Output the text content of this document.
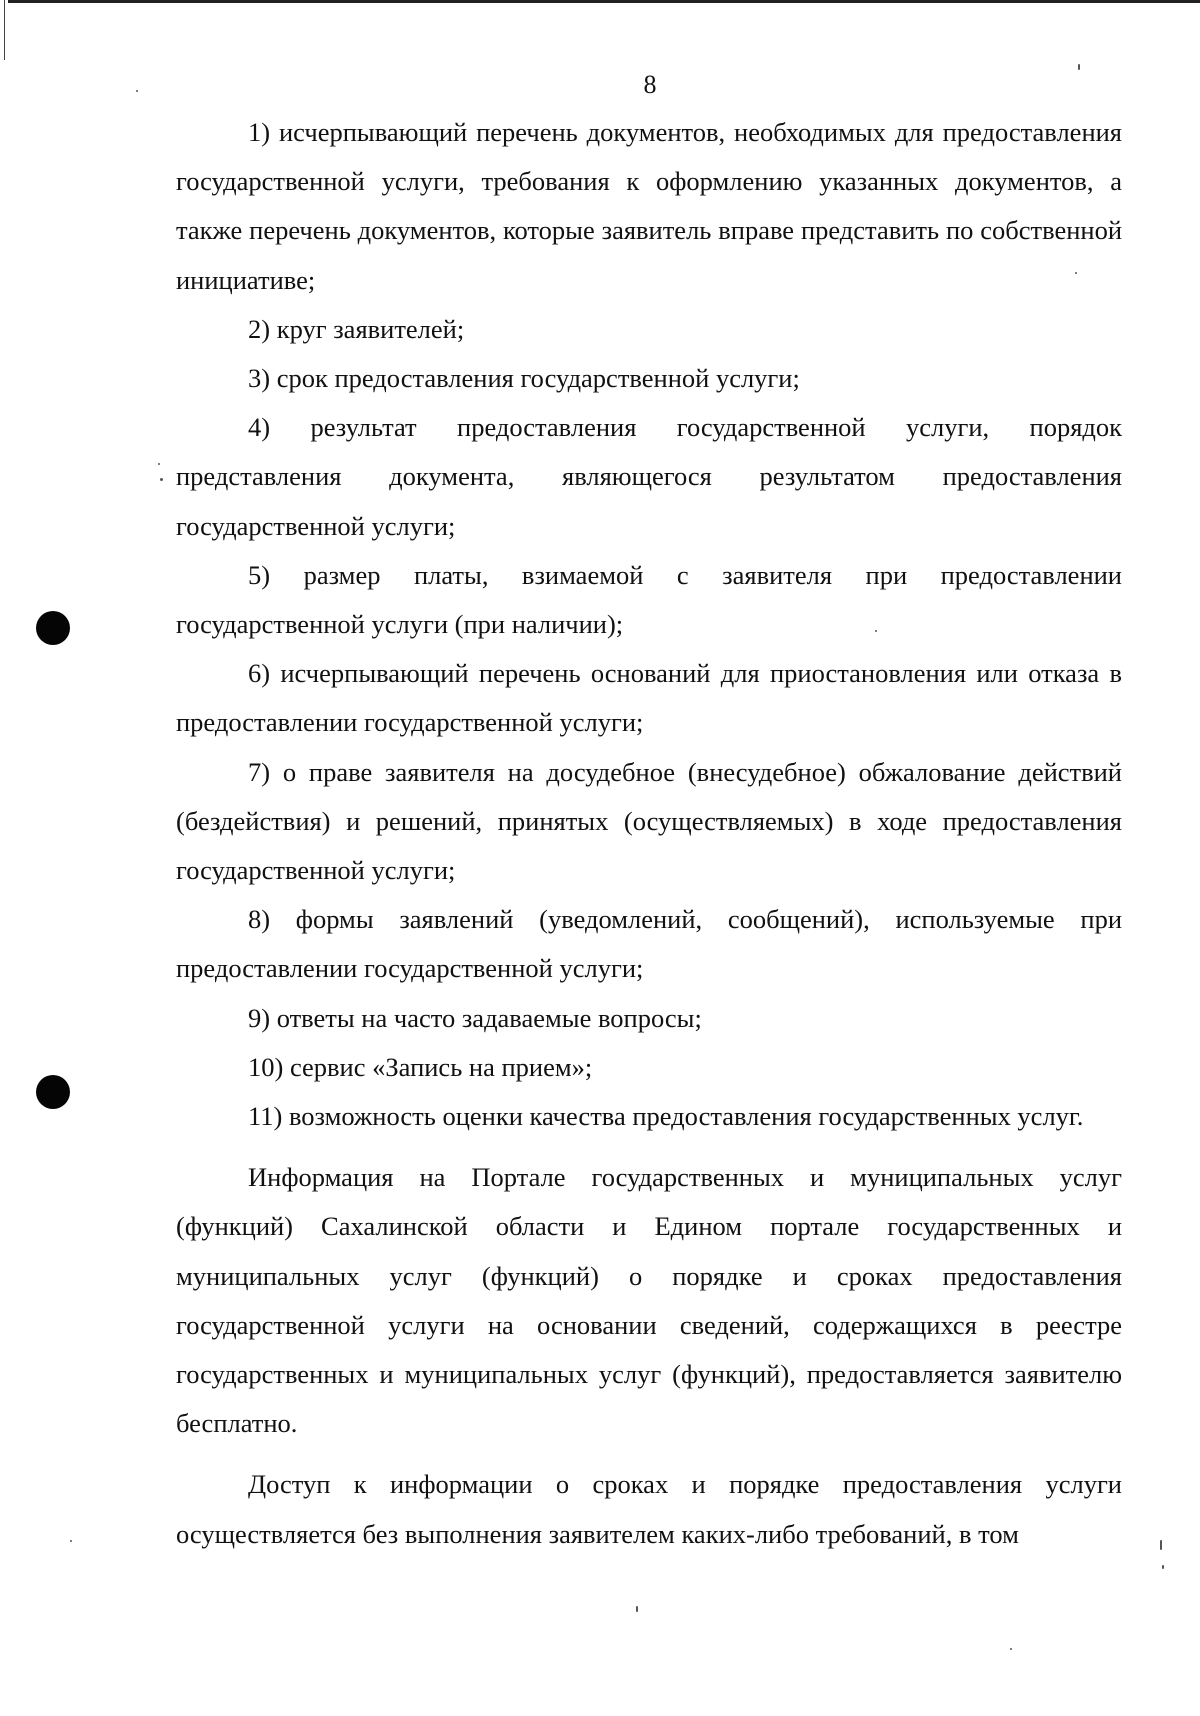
8

1) исчерпывающий перечень документов, необходимых для предоставления государственной услуги, требования к оформлению указанных документов, а также перечень документов, которые заявитель вправе представить по собственной инициативе;

2) круг заявителей;

3) срок предоставления государственной услуги;

4) результат предоставления государственной услуги, порядок представления документа, являющегося результатом предоставления государственной услуги;

5) размер платы, взимаемой с заявителя при предоставлении государственной услуги (при наличии);

6) исчерпывающий перечень оснований для приостановления или отказа в предоставлении государственной услуги;

7) о праве заявителя на досудебное (внесудебное) обжалование действий (бездействия) и решений, принятых (осуществляемых) в ходе предоставления государственной услуги;

8) формы заявлений (уведомлений, сообщений), используемые при предоставлении государственной услуги;

9) ответы на часто задаваемые вопросы;

10) сервис «Запись на прием»;

11) возможность оценки качества предоставления государственных услуг.

Информация на Портале государственных и муниципальных услуг (функций) Сахалинской области и Едином портале государственных и муниципальных услуг (функций) о порядке и сроках предоставления государственной услуги на основании сведений, содержащихся в реестре государственных и муниципальных услуг (функций), предоставляется заявителю бесплатно.

Доступ к информации о сроках и порядке предоставления услуги осуществляется без выполнения заявителем каких-либо требований, в том
